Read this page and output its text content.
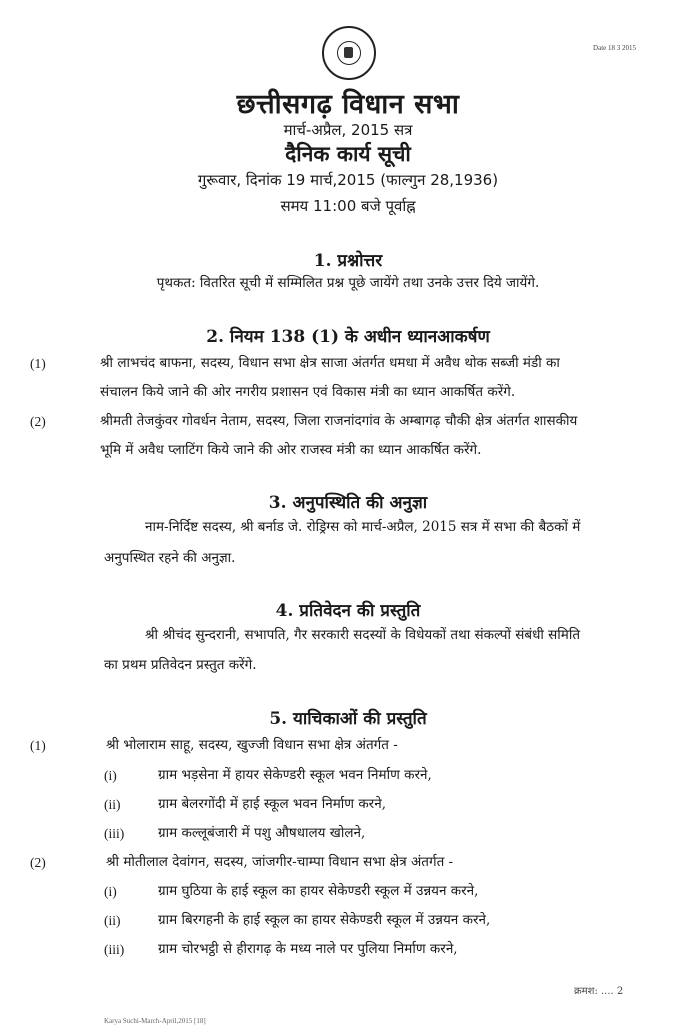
Date 18 3 2015
छत्तीसगढ़ विधान सभा
मार्च-अप्रैल, 2015 सत्र
दैनिक कार्य सूची
गुरूवार, दिनांक 19 मार्च,2015 (फाल्गुन 28,1936)
समय 11:00 बजे पूर्वाह्न
1. प्रश्नोत्तर
पृथकत: वितरित सूची में सम्मिलित प्रश्न पूछे जायेंगे तथा उनके उत्तर दिये जायेंगे.
2. नियम 138 (1) के अधीन ध्यानआकर्षण
(1)	श्री लाभचंद बाफना, सदस्य, विधान सभा क्षेत्र साजा अंतर्गत धमधा में अवैध थोक सब्जी मंडी का
संचालन किये जाने की ओर नगरीय प्रशासन एवं विकास मंत्री का ध्यान आकर्षित करेंगे.
(2)	श्रीमती तेजकुंवर गोवर्धन नेताम, सदस्य, जिला राजनांदगांव के अम्बागढ़ चौकी क्षेत्र अंतर्गत शासकीय
भूमि में अवैध प्लाटिंग किये जाने की ओर राजस्व मंत्री का ध्यान आकर्षित करेंगे.
3. अनुपस्थिति की अनुज्ञा
नाम-निर्दिष्ट सदस्य, श्री बर्नाड जे. रोड्रिग्स को मार्च-अप्रैल, 2015 सत्र में सभा की बैठकों में
अनुपस्थित रहने की अनुज्ञा.
4. प्रतिवेदन की प्रस्तुति
श्री श्रीचंद सुन्दरानी, सभापति, गैर सरकारी सदस्यों के विधेयकों तथा संकल्पों संबंधी समिति
का प्रथम प्रतिवेदन प्रस्तुत करेंगे.
5. याचिकाओं की प्रस्तुति
(1)	श्री भोलाराम साहू, सदस्य, खुज्जी विधान सभा क्षेत्र अंतर्गत -
(i)	ग्राम भड़सेना में हायर सेकेण्डरी स्कूल भवन निर्माण करने,
(ii)	ग्राम बेलरगोंदी में हाई स्कूल भवन निर्माण करने,
(iii)	ग्राम कल्लूबंजारी में पशु औषधालय खोलने,
(2)	श्री मोतीलाल देवांगन, सदस्य, जांजगीर-चाम्पा विधान सभा क्षेत्र अंतर्गत -
(i)	ग्राम घुठिया के हाई स्कूल का हायर सेकेण्डरी स्कूल में उन्नयन करने,
(ii)	ग्राम बिरगहनी के हाई स्कूल का हायर सेकेण्डरी स्कूल में उन्नयन करने,
(iii)	ग्राम चोरभट्ठी से हीरागढ़ के मध्य नाले पर पुलिया निर्माण करने,
क्रमश: .... 2
Karya Suchi-March-April,2015 [18]
